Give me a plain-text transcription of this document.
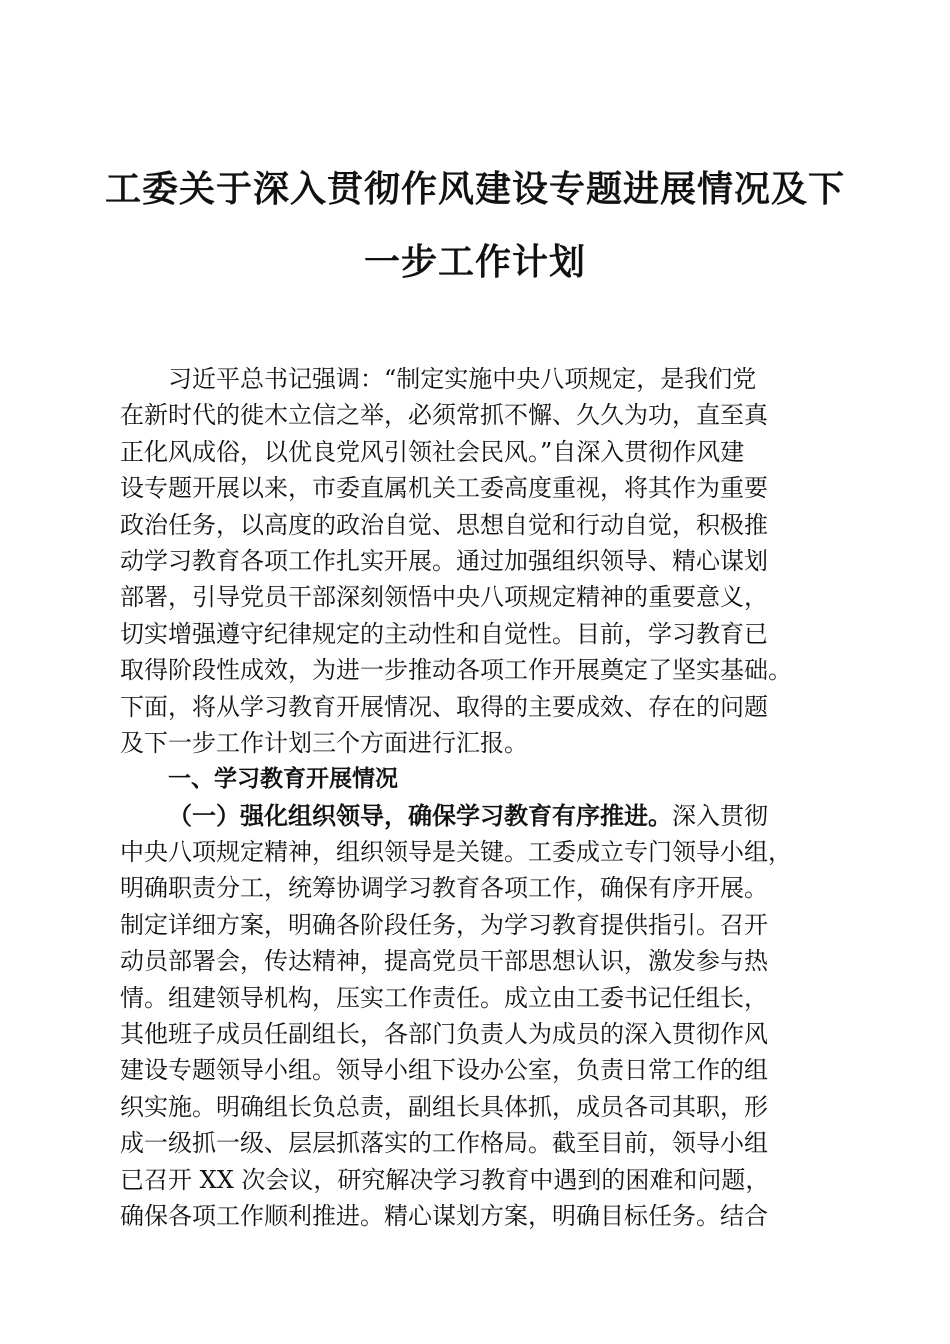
工委关于深入贯彻作风建设专题进展情况及下
一步工作计划
习近平总书记强调：“制定实施中央八项规定，是我们党
在新时代的徙木立信之举，必须常抓不懈、久久为功，直至真
正化风成俗，以优良党风引领社会民风。”自深入贯彻作风建
设专题开展以来，市委直属机关工委高度重视，将其作为重要
政治任务，以高度的政治自觉、思想自觉和行动自觉，积极推
动学习教育各项工作扎实开展。通过加强组织领导、精心谋划
部署，引导党员干部深刻领悟中央八项规定精神的重要意义，
切实增强遵守纪律规定的主动性和自觉性。目前，学习教育已
取得阶段性成效，为进一步推动各项工作开展奠定了坚实基础。
下面，将从学习教育开展情况、取得的主要成效、存在的问题
及下一步工作计划三个方面进行汇报。
一、学习教育开展情况
（一）强化组织领导，确保学习教育有序推进。深入贯彻
中央八项规定精神，组织领导是关键。工委成立专门领导小组，
明确职责分工，统筹协调学习教育各项工作，确保有序开展。
制定详细方案，明确各阶段任务，为学习教育提供指引。召开
动员部署会，传达精神，提高党员干部思想认识，激发参与热
情。组建领导机构，压实工作责任。成立由工委书记任组长，
其他班子成员任副组长，各部门负责人为成员的深入贯彻作风
建设专题领导小组。领导小组下设办公室，负责日常工作的组
织实施。明确组长负总责，副组长具体抓，成员各司其职，形
成一级抓一级、层层抓落实的工作格局。截至目前，领导小组
已召开 XX 次会议，研究解决学习教育中遇到的困难和问题，
确保各项工作顺利推进。精心谋划方案，明确目标任务。结合
